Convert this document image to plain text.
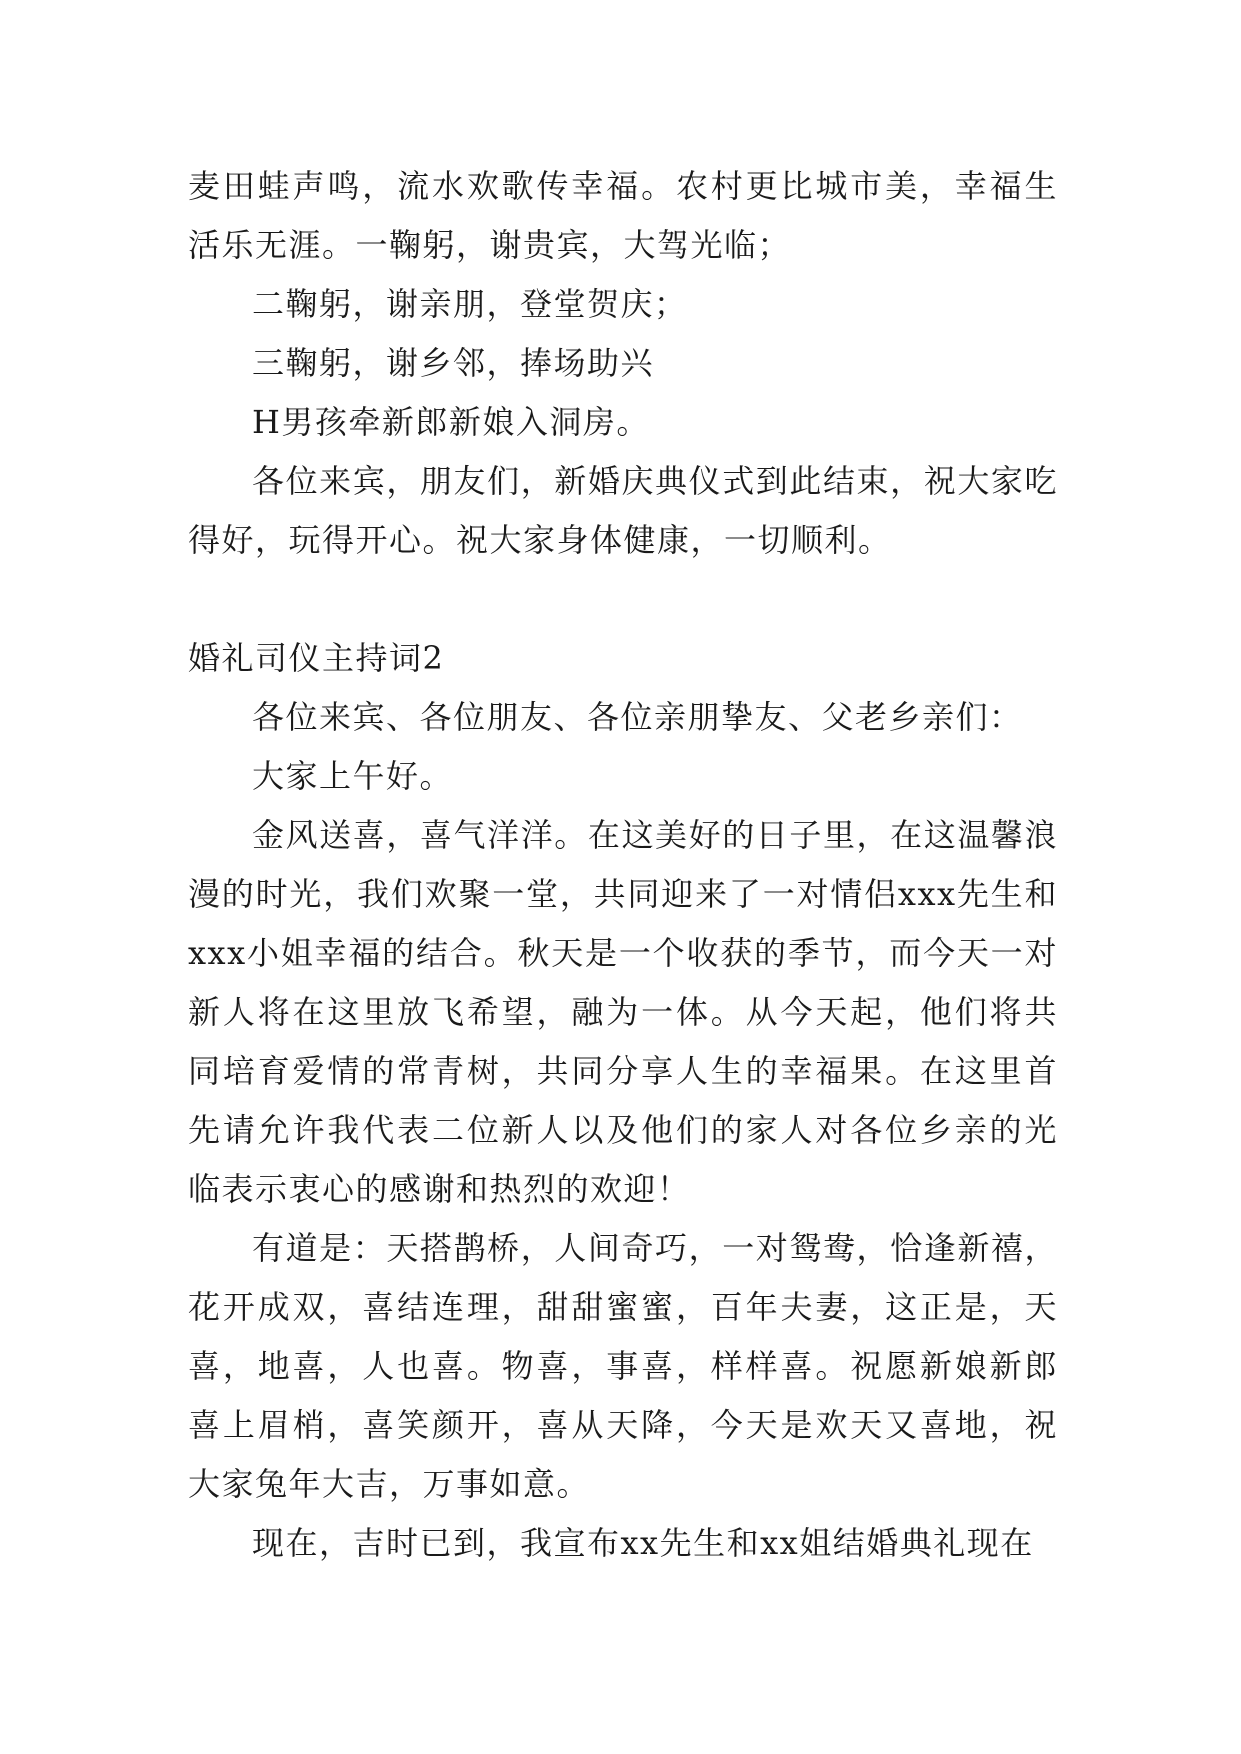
麦田蛙声鸣，流水欢歌传幸福。农村更比城市美，幸福生活乐无涯。一鞠躬，谢贵宾，大驾光临；

二鞠躬，谢亲朋，登堂贺庆；

三鞠躬，谢乡邻，捧场助兴

H男孩牵新郎新娘入洞房。

各位来宾，朋友们，新婚庆典仪式到此结束，祝大家吃得好，玩得开心。祝大家身体健康，一切顺利。

婚礼司仪主持词2

各位来宾、各位朋友、各位亲朋挚友、父老乡亲们：

大家上午好。

金风送喜，喜气洋洋。在这美好的日子里，在这温馨浪漫的时光，我们欢聚一堂，共同迎来了一对情侣xxx先生和xxx小姐幸福的结合。秋天是一个收获的季节，而今天一对新人将在这里放飞希望，融为一体。从今天起，他们将共同培育爱情的常青树，共同分享人生的幸福果。在这里首先请允许我代表二位新人以及他们的家人对各位乡亲的光临表示衷心的感谢和热烈的欢迎！

有道是：天搭鹊桥，人间奇巧，一对鸳鸯，恰逢新禧，花开成双，喜结连理，甜甜蜜蜜，百年夫妻，这正是，天喜，地喜，人也喜。物喜，事喜，样样喜。祝愿新娘新郎喜上眉梢，喜笑颜开，喜从天降，今天是欢天又喜地，祝大家兔年大吉，万事如意。

现在，吉时已到，我宣布xx先生和xx姐结婚典礼现在
